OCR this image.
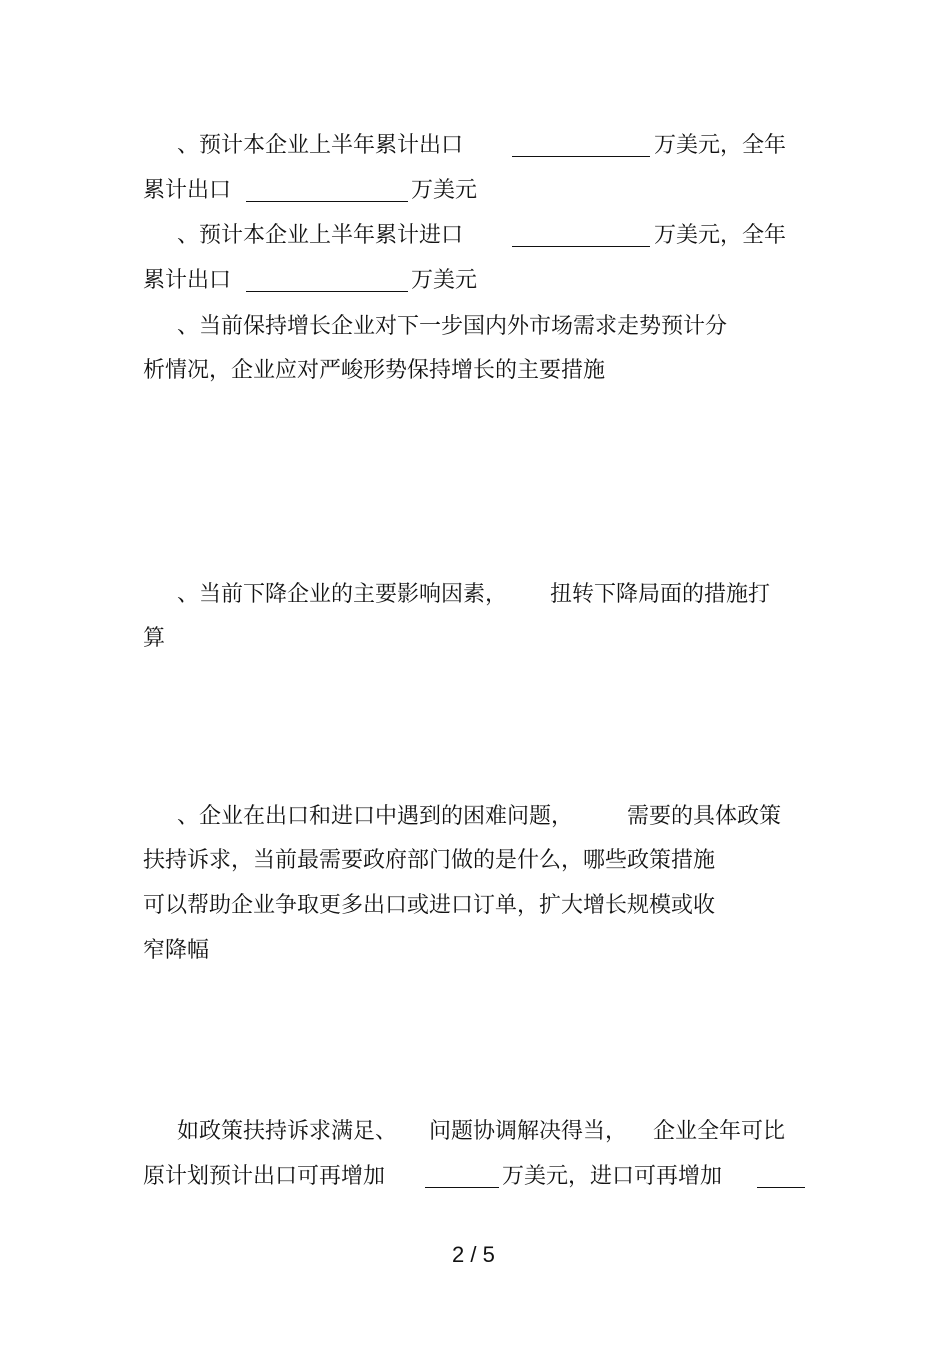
、预计本企业上半年累计出口	万美元，全年
累计出口	万美元
、预计本企业上半年累计进口	万美元，全年
累计出口	万美元
、当前保持增长企业对下一步国内外市场需求走势预计分
析情况，企业应对严峻形势保持增长的主要措施
、当前下降企业的主要影响因素， 扭转下降局面的措施打
算
、企业在出口和进口中遇到的困难问题， 需要的具体政策
扶持诉求，当前最需要政府部门做的是什么，哪些政策措施
可以帮助企业争取更多出口或进口订单，扩大增长规模或收
窄降幅
如政策扶持诉求满足、 问题协调解决得当， 企业全年可比
原计划预计出口可再增加	万美元，进口可再增加
2 / 5
